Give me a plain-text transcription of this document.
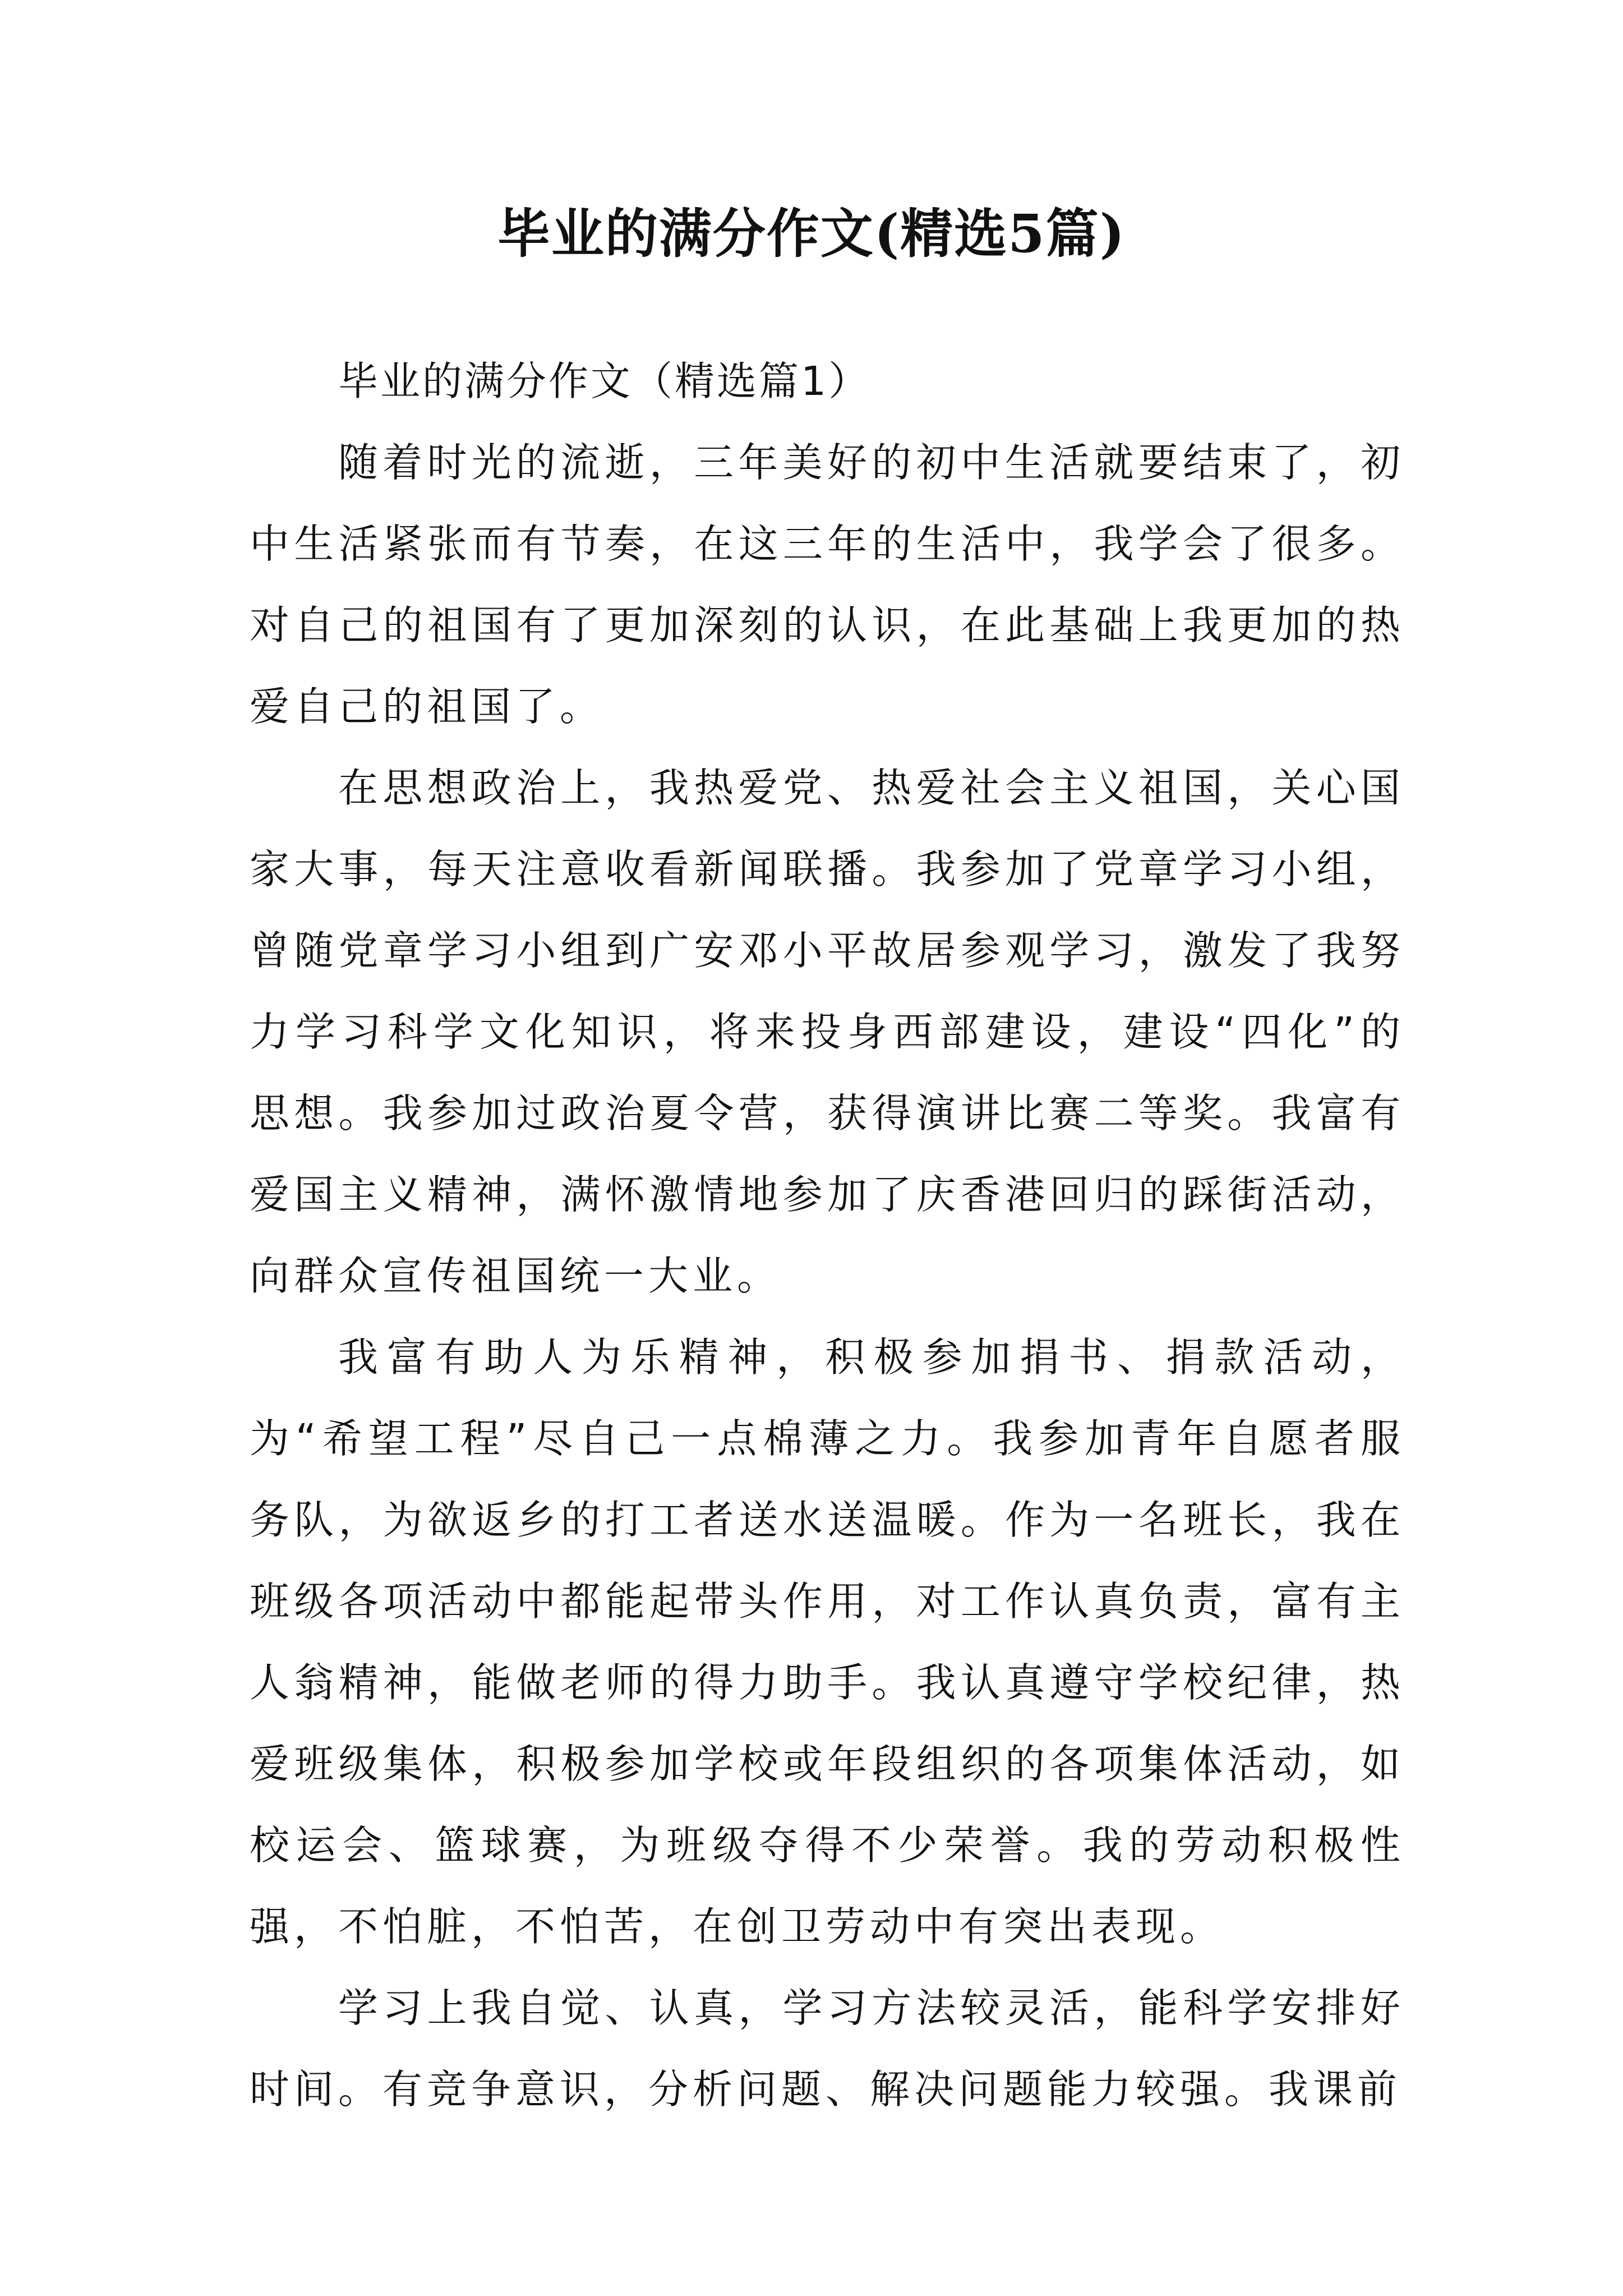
毕业的满分作文(精选5篇)

毕业的满分作文（精选篇1）

随着时光的流逝，三年美好的初中生活就要结束了，初中生活紧张而有节奏，在这三年的生活中，我学会了很多。对自己的祖国有了更加深刻的认识，在此基础上我更加的热爱自己的祖国了。

在思想政治上，我热爱党、热爱社会主义祖国，关心国家大事，每天注意收看新闻联播。我参加了党章学习小组，曾随党章学习小组到广安邓小平故居参观学习，激发了我努力学习科学文化知识，将来投身西部建设，建设“四化”的思想。我参加过政治夏令营，获得演讲比赛二等奖。我富有爱国主义精神，满怀激情地参加了庆香港回归的踩街活动，向群众宣传祖国统一大业。

我富有助人为乐精神，积极参加捐书、捐款活动，为“希望工程”尽自己一点棉薄之力。我参加青年自愿者服务队，为欲返乡的打工者送水送温暖。作为一名班长，我在班级各项活动中都能起带头作用，对工作认真负责，富有主人翁精神，能做老师的得力助手。我认真遵守学校纪律，热爱班级集体，积极参加学校或年段组织的各项集体活动，如校运会、篮球赛，为班级夺得不少荣誉。我的劳动积极性强，不怕脏，不怕苦，在创卫劳动中有突出表现。

学习上我自觉、认真，学习方法较灵活，能科学安排好时间。有竞争意识，分析问题、解决问题能力较强。我课前
